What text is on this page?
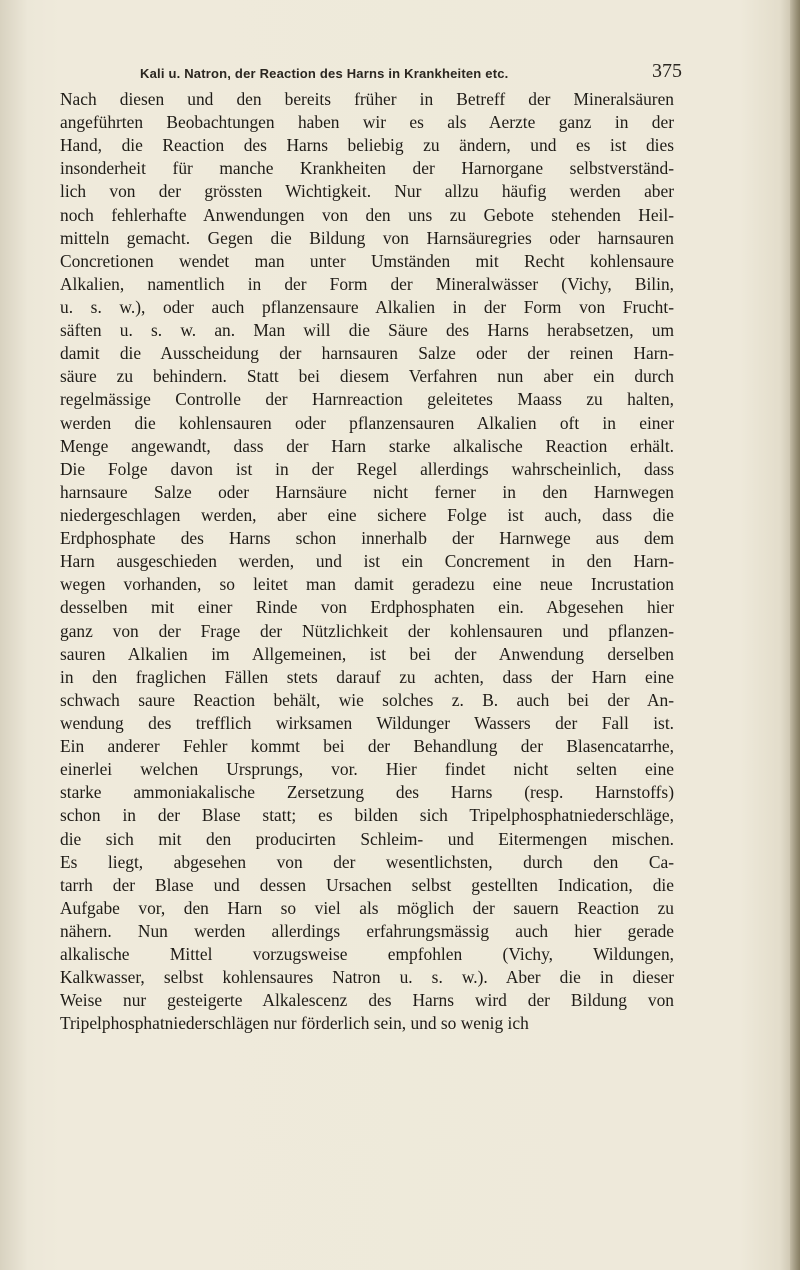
Kali u. Natron, der Reaction des Harns in Krankheiten etc.	375
Nach diesen und den bereits früher in Betreff der Mineralsäuren
angeführten Beobachtungen haben wir es als Aerzte ganz in der
Hand, die Reaction des Harns beliebig zu ändern, und es ist dies
insonderheit für manche Krankheiten der Harnorgane selbstverständ-
lich von der grössten Wichtigkeit. Nur allzu häufig werden aber
noch fehlerhafte Anwendungen von den uns zu Gebote stehenden Heil-
mitteln gemacht. Gegen die Bildung von Harnsäuregries oder harnsauren
Concretionen wendet man unter Umständen mit Recht kohlensaure
Alkalien, namentlich in der Form der Mineralwässer (Vichy, Bilin,
u. s. w.), oder auch pflanzensaure Alkalien in der Form von Frucht-
säften u. s. w. an. Man will die Säure des Harns herabsetzen, um
damit die Ausscheidung der harnsauren Salze oder der reinen Harn-
säure zu behindern. Statt bei diesem Verfahren nun aber ein durch
regelmässige Controlle der Harnreaction geleitetes Maass zu halten,
werden die kohlensauren oder pflanzensauren Alkalien oft in einer
Menge angewandt, dass der Harn starke alkalische Reaction erhält.
Die Folge davon ist in der Regel allerdings wahrscheinlich, dass
harnsaure Salze oder Harnsäure nicht ferner in den Harnwegen
niedergeschlagen werden, aber eine sichere Folge ist auch, dass die
Erdphosphate des Harns schon innerhalb der Harnwege aus dem
Harn ausgeschieden werden, und ist ein Concrement in den Harn-
wegen vorhanden, so leitet man damit geradezu eine neue Incrustation
desselben mit einer Rinde von Erdphosphaten ein. Abgesehen hier
ganz von der Frage der Nützlichkeit der kohlensauren und pflanzen-
sauren Alkalien im Allgemeinen, ist bei der Anwendung derselben
in den fraglichen Fällen stets darauf zu achten, dass der Harn eine
schwach saure Reaction behält, wie solches z. B. auch bei der An-
wendung des trefflich wirksamen Wildunger Wassers der Fall ist.
Ein anderer Fehler kommt bei der Behandlung der Blasencatarrhe,
einerlei welchen Ursprungs, vor. Hier findet nicht selten eine
starke ammoniakalische Zersetzung des Harns (resp. Harnstoffs)
schon in der Blase statt; es bilden sich Tripelphosphatniederschläge,
die sich mit den producirten Schleim- und Eitermengen mischen.
Es liegt, abgesehen von der wesentlichsten, durch den Ca-
tarrh der Blase und dessen Ursachen selbst gestellten Indication, die
Aufgabe vor, den Harn so viel als möglich der sauern Reaction zu
nähern. Nun werden allerdings erfahrungsmässig auch hier gerade
alkalische Mittel vorzugsweise empfohlen (Vichy, Wildungen,
Kalkwasser, selbst kohlensaures Natron u. s. w.). Aber die in dieser
Weise nur gesteigerte Alkalescenz des Harns wird der Bildung von
Tripelphosphatniederschlägen nur förderlich sein, und so wenig ich
